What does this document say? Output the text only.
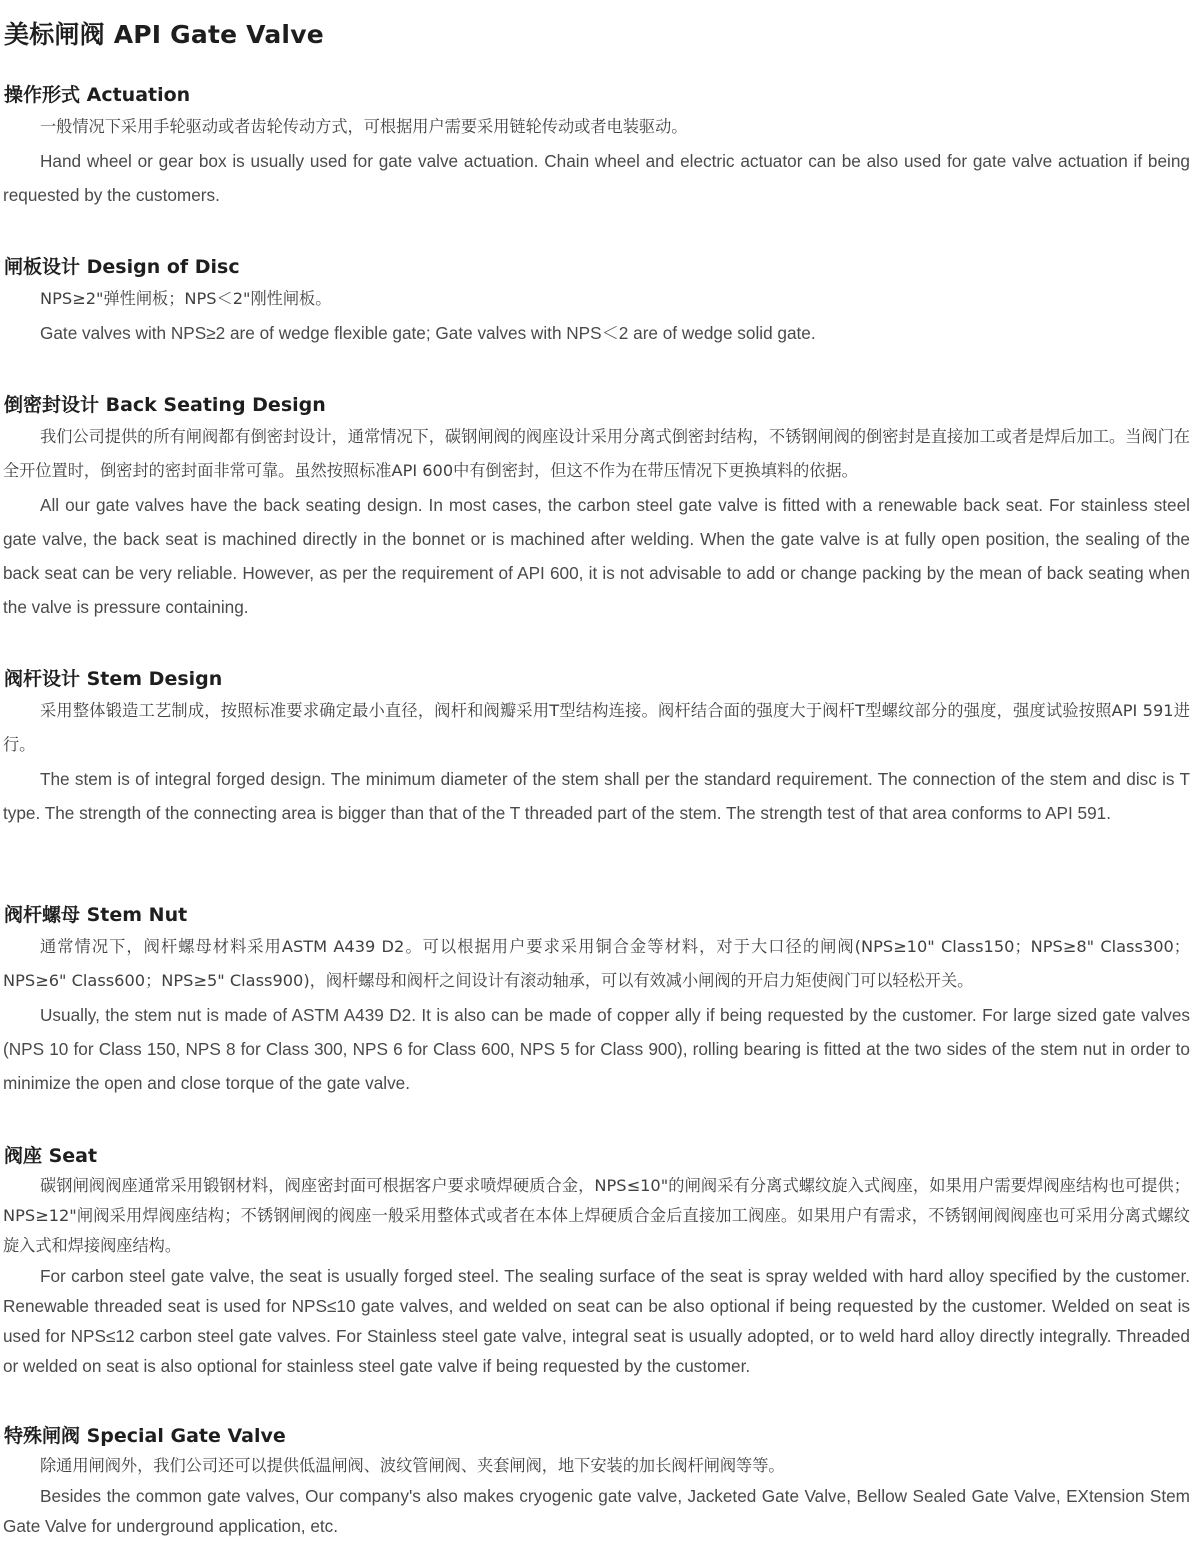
美标闸阀 API Gate Valve
操作形式 Actuation

一般情况下采用手轮驱动或者齿轮传动方式，可根据用户需要采用链轮传动或者电装驱动。

Hand wheel or gear box is usually used for gate valve actuation. Chain wheel and electric actuator can be also used for gate valve actuation if being requested by the customers.

闸板设计 Design of Disc

NPS≥2"弹性闸板；NPS＜2"刚性闸板。

Gate valves with NPS≥2 are of wedge flexible gate; Gate valves with NPS＜2 are of wedge solid gate.

倒密封设计 Back Seating Design

我们公司提供的所有闸阀都有倒密封设计，通常情况下，碳钢闸阀的阀座设计采用分离式倒密封结构，不锈钢闸阀的倒密封是直接加工或者是焊后加工。当阀门在全开位置时，倒密封的密封面非常可靠。虽然按照标准API 600中有倒密封，但这不作为在带压情况下更换填料的依据。

All our gate valves have the back seating design. In most cases, the carbon steel gate valve is fitted with a renewable back seat. For stainless steel gate valve, the back seat is machined directly in the bonnet or is machined after welding. When the gate valve is at fully open position, the sealing of the back seat can be very reliable. However, as per the requirement of API 600, it is not advisable to add or change packing by the mean of back seating when the valve is pressure containing.

阀杆设计 Stem Design

采用整体锻造工艺制成，按照标准要求确定最小直径，阀杆和阀瓣采用T型结构连接。阀杆结合面的强度大于阀杆T型螺纹部分的强度，强度试验按照API 591进行。

The stem is of integral forged design. The minimum diameter of the stem shall per the standard requirement. The connection of the stem and disc is T type. The strength of the connecting area is bigger than that of the T threaded part of the stem. The strength test of that area conforms to API 591.

阀杆螺母 Stem Nut

通常情况下，阀杆螺母材料采用ASTM A439 D2。可以根据用户要求采用铜合金等材料，对于大口径的闸阀(NPS≥10" Class150；NPS≥8" Class300；NPS≥6" Class600；NPS≥5" Class900)，阀杆螺母和阀杆之间设计有滚动轴承，可以有效减小闸阀的开启力矩使阀门可以轻松开关。

Usually, the stem nut is made of ASTM A439 D2. It is also can be made of copper ally if being requested by the customer. For large sized gate valves (NPS 10 for Class 150, NPS 8 for Class 300, NPS 6 for Class 600, NPS 5 for Class 900), rolling bearing is fitted at the two sides of the stem nut in order to minimize the open and close torque of the gate valve.

阀座 Seat

碳钢闸阀阀座通常采用锻钢材料，阀座密封面可根据客户要求喷焊硬质合金，NPS≤10"的闸阀采有分离式螺纹旋入式阀座，如果用户需要焊阀座结构也可提供；NPS≥12"闸阀采用焊阀座结构；不锈钢闸阀的阀座一般采用整体式或者在本体上焊硬质合金后直接加工阀座。如果用户有需求，不锈钢闸阀阀座也可采用分离式螺纹旋入式和焊接阀座结构。

For carbon steel gate valve, the seat is usually forged steel. The sealing surface of the seat is spray welded with hard alloy specified by the customer. Renewable threaded seat is used for NPS≤10 gate valves, and welded on seat can be also optional if being requested by the customer. Welded on seat is used for NPS≤12 carbon steel gate valves. For Stainless steel gate valve, integral seat is usually adopted, or to weld hard alloy directly integrally. Threaded or welded on seat is also optional for stainless steel gate valve if being requested by the customer.

特殊闸阀 Special Gate Valve

除通用闸阀外，我们公司还可以提供低温闸阀、波纹管闸阀、夹套闸阀，地下安装的加长阀杆闸阀等等。

Besides the common gate valves, Our company's also makes cryogenic gate valve, Jacketed Gate Valve, Bellow Sealed Gate Valve, EXtension Stem Gate Valve for underground application, etc.
